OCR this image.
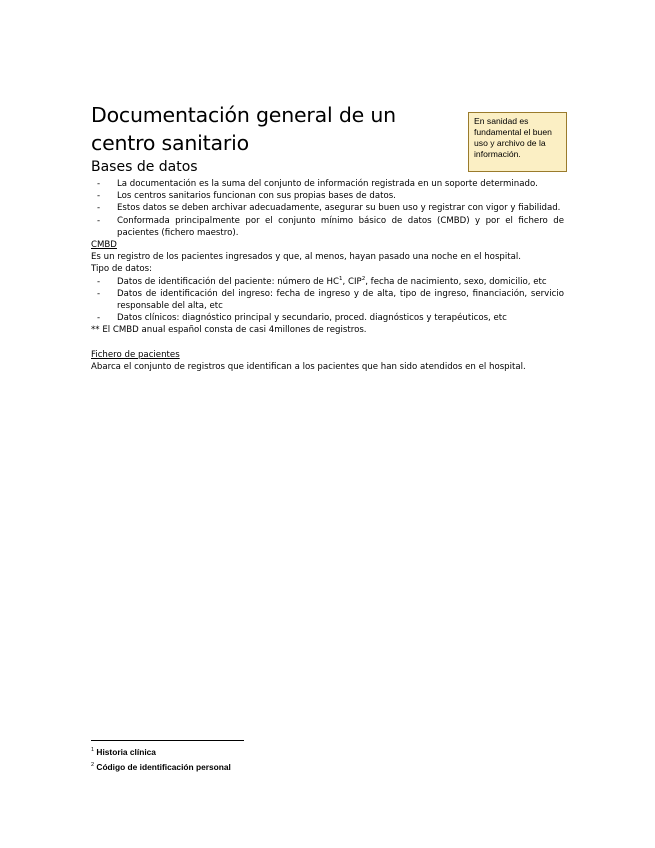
Documentación general de un centro sanitario
En sanidad es fundamental el buen uso y archivo de la información.
Bases de datos
- La documentación es la suma del conjunto de información registrada en un soporte determinado.
- Los centros sanitarios funcionan con sus propias bases de datos.
- Estos datos se deben archivar adecuadamente, asegurar su buen uso y registrar con vigor y fiabilidad.
- Conformada principalmente por el conjunto mínimo básico de datos (CMBD) y por el fichero de pacientes (fichero maestro).

CMBD

Es un registro de los pacientes ingresados y que, al menos, hayan pasado una noche en el hospital.

Tipo de datos:

- Datos de identificación del paciente: número de $HC^1$, CIP$^2$, fecha de nacimiento, sexo, domicilio, etc
- Datos de identificación del ingreso: fecha de ingreso y de alta, tipo de ingreso, financiación, servicio responsable del alta, etc
- Datos clínicos: diagnóstico principal y secundario, proced. diagnósticos y terapéuticos, etc

** El CMBD anual español consta de casi 4millones de registros.

Fichero de pacientes

Abarca el conjunto de registros que identifican a los pacientes que han sido atendidos en el hospital.

$^1$ Historia clínica
$^2$ Código de identificación personal
